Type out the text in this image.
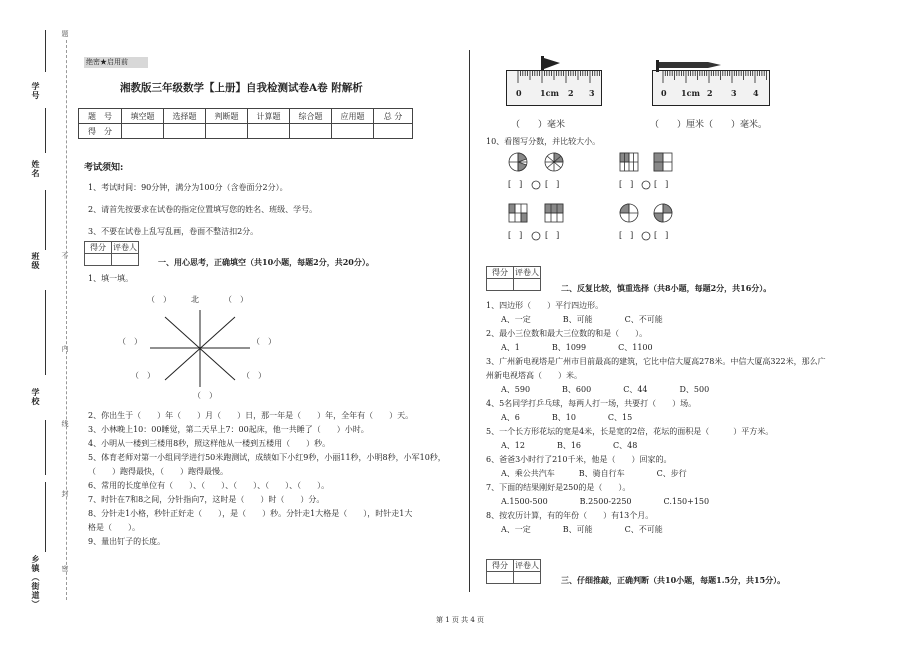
题
学号
姓名
班级	不
内
学校
线
封
乡镇（街道）	密
绝密★启用前
湘教版三年级数学【上册】自我检测试卷A卷 附解析
题　号	填空题	选择题	判断题	计算题	综合题	应用题	总 分
得　分							
考试须知:
1、考试时间：90分钟，满分为100分（含卷面分2分）。
2、请首先按要求在试卷的指定位置填写您的姓名、班级、学号。
3、不要在试卷上乱写乱画，卷面不整洁扣2分。
得分	评卷人

一、用心思考，正确填空（共10小题，每题2分，共20分）。
1、填一填。
（　）	北	（　）
（　）	（　）
（　）	（　）
（　）
2、你出生于（　　）年（　　）月（　　）日，那一年是（　　）年，全年有（　　）天。
3、小林晚上10：00睡觉，第二天早上7：00起床，他一共睡了（　　）小时。
4、小明从一楼到三楼用8秒，照这样他从一楼到五楼用（　　）秒。
5、体育老师对第一小组同学进行50米跑测试，成绩如下小红9秒，小丽11秒，小明8秒，小军10秒，
（　　）跑得最快，（　　）跑得最慢。
6、常用的长度单位有（　　）、（　　）、（　　）、（　　）、（　　）。
7、时针在7和8之间，分针指向7，这时是（　　）时（　　）分。
8、分针走1小格，秒针正好走（　　），是（　　）秒。分针走1大格是（　　），时针走1大
格是（　　）。
9、量出钉子的长度。
0 1cm 2 3	0 1cm 2 3 4
（　　）毫米	（　　）厘米（　　）毫米。
10、看图写分数，并比较大小。
[　]	[　]	[　]	[　]
[　]	[　]	[　]	[　]
得分	评卷人

二、反复比较，慎重选择（共8小题，每题2分，共16分）。
1、四边形（　　）平行四边形。
A、一定　　　　B、可能　　　　C、不可能
2、最小三位数和最大三位数的和是（　　）。
A、1　　　　B、1099　　　　C、1100
3、广州新电视塔是广州市目前最高的建筑，它比中信大厦高278米。中信大厦高322米，那么广
州新电视塔高（　　）米。
A、590　　　　B、600　　　　C、44　　　　D、500
4、5名同学打乒乓球，每两人打一场，共要打（　　）场。
A、6　　　　B、10　　　　C、15
5、一个长方形花坛的宽是4米，长是宽的2倍，花坛的面积是（　　　）平方米。
A、12　　　　B、16　　　　C、48
6、爸爸3小时行了210千米，他是（　　）回家的。
A、乘公共汽车　　　B、骑自行车　　　　C、步行
7、下面的结果刚好是250的是（　　）。
A.1500-500　　　　B.2500-2250　　　　C.150+150
8、按农历计算，有的年份（　　）有13个月。
A、一定　　　　B、可能　　　　C、不可能
得分	评卷人

三、仔细推敲，正确判断（共10小题，每题1.5分，共15分）。
第 1 页 共 4 页
